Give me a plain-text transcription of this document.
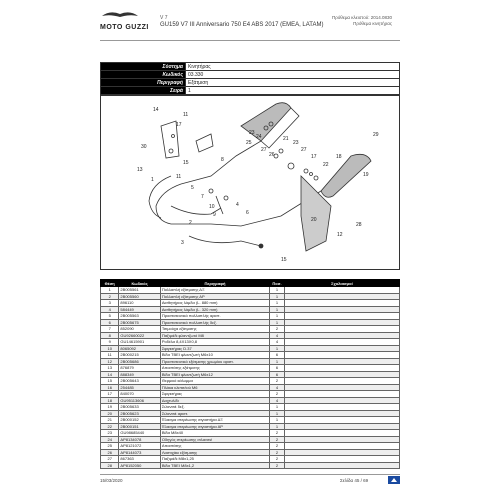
MOTO GUZZI
V 7
GU159 V7 III Anniversario 750 E4 ABS 2017 (EMEA, LATAM)
Πρόθεμα κλειστού: 2014.0830
Πρόθεμα κινητήρας
Σύστημα	Κινητήρας
Κωδικός	03.330
Περιγραφή	Εξάτμιση
Σειρά	1
14
11
17
30
13
1
15
11
5
7
10
9
2
3
4
6
8
23
24
25
27
26
21
23
27
17
22
18
29
19
20
12
28
15
Θέση	Κωδικός	Περιγραφή	Ποσ.	Σχολιασμοί
1	2B005561	Πολλαπλή εξάτμισης ΔΞ	1	
2	2B005560	Πολλαπλή εξάτμισης ΑΡ	1	
3	896110	Αισθητήρας λάμδα (L. 880 mm)	1	
4	584449	Αισθητήρας λάμδα (L. 320 mm)	1	
5	2B005563	Προστατευτικό πολλαπλής αριστ.	1	
6	2B005675	Προστατευτικό πολλαπλής δεξ.	1	
7	852090	Τσιμούχα εξάτμισης	2	
8	GU92660022	Παξιμάδι φλαντζωτό M8	4	
9	GU14615901	Ροδέλα 8,4X13X0,8	4	
10	8065092	Σφιγκτήρας D.37	1	
11	2B000215	Βίδα TBEI φλαντζωτή M6x10	6	
12	2B005686	Προστατευτικό εξάτμισης χρωμίου αριστ.	1	
13	876879	Αποστάτης εξάτμισης	6	
14	888349	Βίδα TBEI φλαντζωτή M6x12	6	
15	2B005643	Θερμικό κάλυμμα	2	
16	254485	Πλάκα κλιπσ/ιού M6	4	
17	840070	Σφιγκτήρας	2	
18	GU95113606	Δαχτυλίδι	4	
19	2B005633	Σιλανσιέ δεξ.	1	
20	2B005623	Σιλανσιέ αριστ.	1	
21	2B000152	Έλασμα στερέωσης σιγαστήρα ΔΞ	1	
22	2B000151	Έλασμα στερέωσης σιγαστήρα ΑΡ	1	
23	GU98685440	Βίδα M8x40	2	
24	AP8134078	Οδηγός στερέωσης σιλανσιέ	2	
25	AP8121072	Αποστάτης	2	
26	AP8144073	Λαστιχάκι εξάτμισης	2	
27	867363	Παξιμάδι M8x1,25	2	
28	AP8152050	Βίδα TBEI M8x1,2	2	
15/03/2020	Σελίδα 45 / 69
